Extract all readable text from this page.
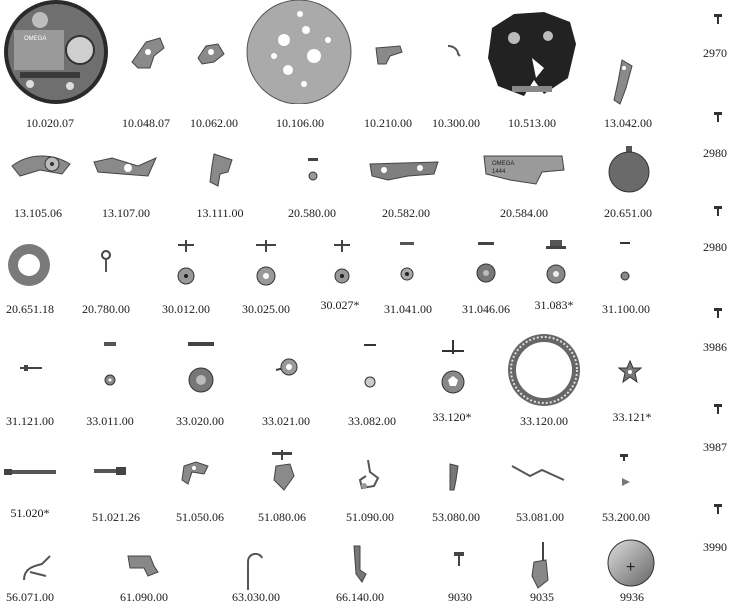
OMEGA
2970
10.020.07	10.048.07 10.062.00	10.106.00	10.210.00 10.300.00 10.513.00	13.042.00
2980
OMEGA
1444
13.105.06	13.107.00	13.111.00	20.580.00	20.582.00	20.584.00	20.651.00
2980
20.651.18 20.780.00	30.012.00	30.025.00	30.027* 31.041.00	31.046.06 31.083* 31.100.00
3986
31.121.00	33.011.00	33.020.00	33.021.00	33.082.00	33.120*	33.120.00	33.121*
3987
51.020*	51.021.26	51.050.06	51.080.06	51.090.00	53.080.00	53.081.00	53.200.00
3990
+
56.071.00	61.090.00	63.030.00	66.140.00	9030	9035	9936
